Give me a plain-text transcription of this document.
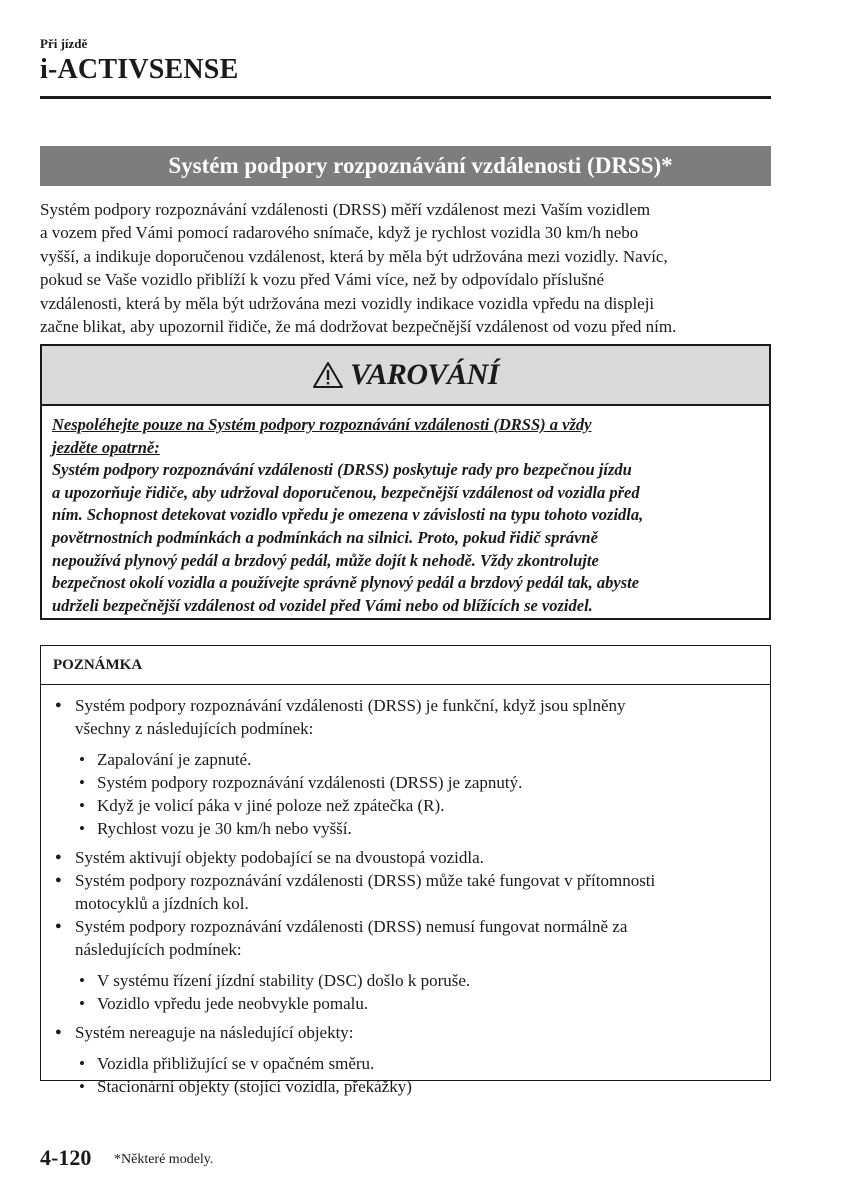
Při jízdě
i-ACTIVSENSE
Systém podpory rozpoznávání vzdálenosti (DRSS)*

Systém podpory rozpoznávání vzdálenosti (DRSS) měří vzdálenost mezi Vaším vozidlem
a vozem před Vámi pomocí radarového snímače, když je rychlost vozidla 30 km/h nebo
vyšší, a indikuje doporučenou vzdálenost, která by měla být udržována mezi vozidly. Navíc,
pokud se Vaše vozidlo přiblíží k vozu před Vámi více, než by odpovídalo příslušné
vzdálenosti, která by měla být udržována mezi vozidly indikace vozidla vpředu na displeji
začne blikat, aby upozornil řidiče, že má dodržovat bezpečnější vzdálenost od vozu před ním.

VAROVÁNÍ
Nespoléhejte pouze na Systém podpory rozpoznávání vzdálenosti (DRSS) a vždy
jezděte opatrně:
Systém podpory rozpoznávání vzdálenosti (DRSS) poskytuje rady pro bezpečnou jízdu
a upozorňuje řidiče, aby udržoval doporučenou, bezpečnější vzdálenost od vozidla před
ním. Schopnost detekovat vozidlo vpředu je omezena v závislosti na typu tohoto vozidla,
povětrnostních podmínkách a podmínkách na silnici. Proto, pokud řidič správně
nepoužívá plynový pedál a brzdový pedál, může dojít k nehodě. Vždy zkontrolujte
bezpečnost okolí vozidla a používejte správně plynový pedál a brzdový pedál tak, abyste
udrželi bezpečnější vzdálenost od vozidel před Vámi nebo od blížících se vozidel.
POZNÁMKA
● Systém podpory rozpoznávání vzdálenosti (DRSS) je funkční, když jsou splněny
všechny z následujících podmínek:
• Zapalování je zapnuté.
• Systém podpory rozpoznávání vzdálenosti (DRSS) je zapnutý.
• Když je volicí páka v jiné poloze než zpátečka (R).
• Rychlost vozu je 30 km/h nebo vyšší.
● Systém aktivují objekty podobající se na dvoustopá vozidla.
● Systém podpory rozpoznávání vzdálenosti (DRSS) může také fungovat v přítomnosti
motocyklů a jízdních kol.
● Systém podpory rozpoznávání vzdálenosti (DRSS) nemusí fungovat normálně za
následujících podmínek:
• V systému řízení jízdní stability (DSC) došlo k poruše.
• Vozidlo vpředu jede neobvykle pomalu.
● Systém nereaguje na následující objekty:
• Vozidla přibližující se v opačném směru.
• Stacionární objekty (stojící vozidla, překážky)
4-120 *Některé modely.
